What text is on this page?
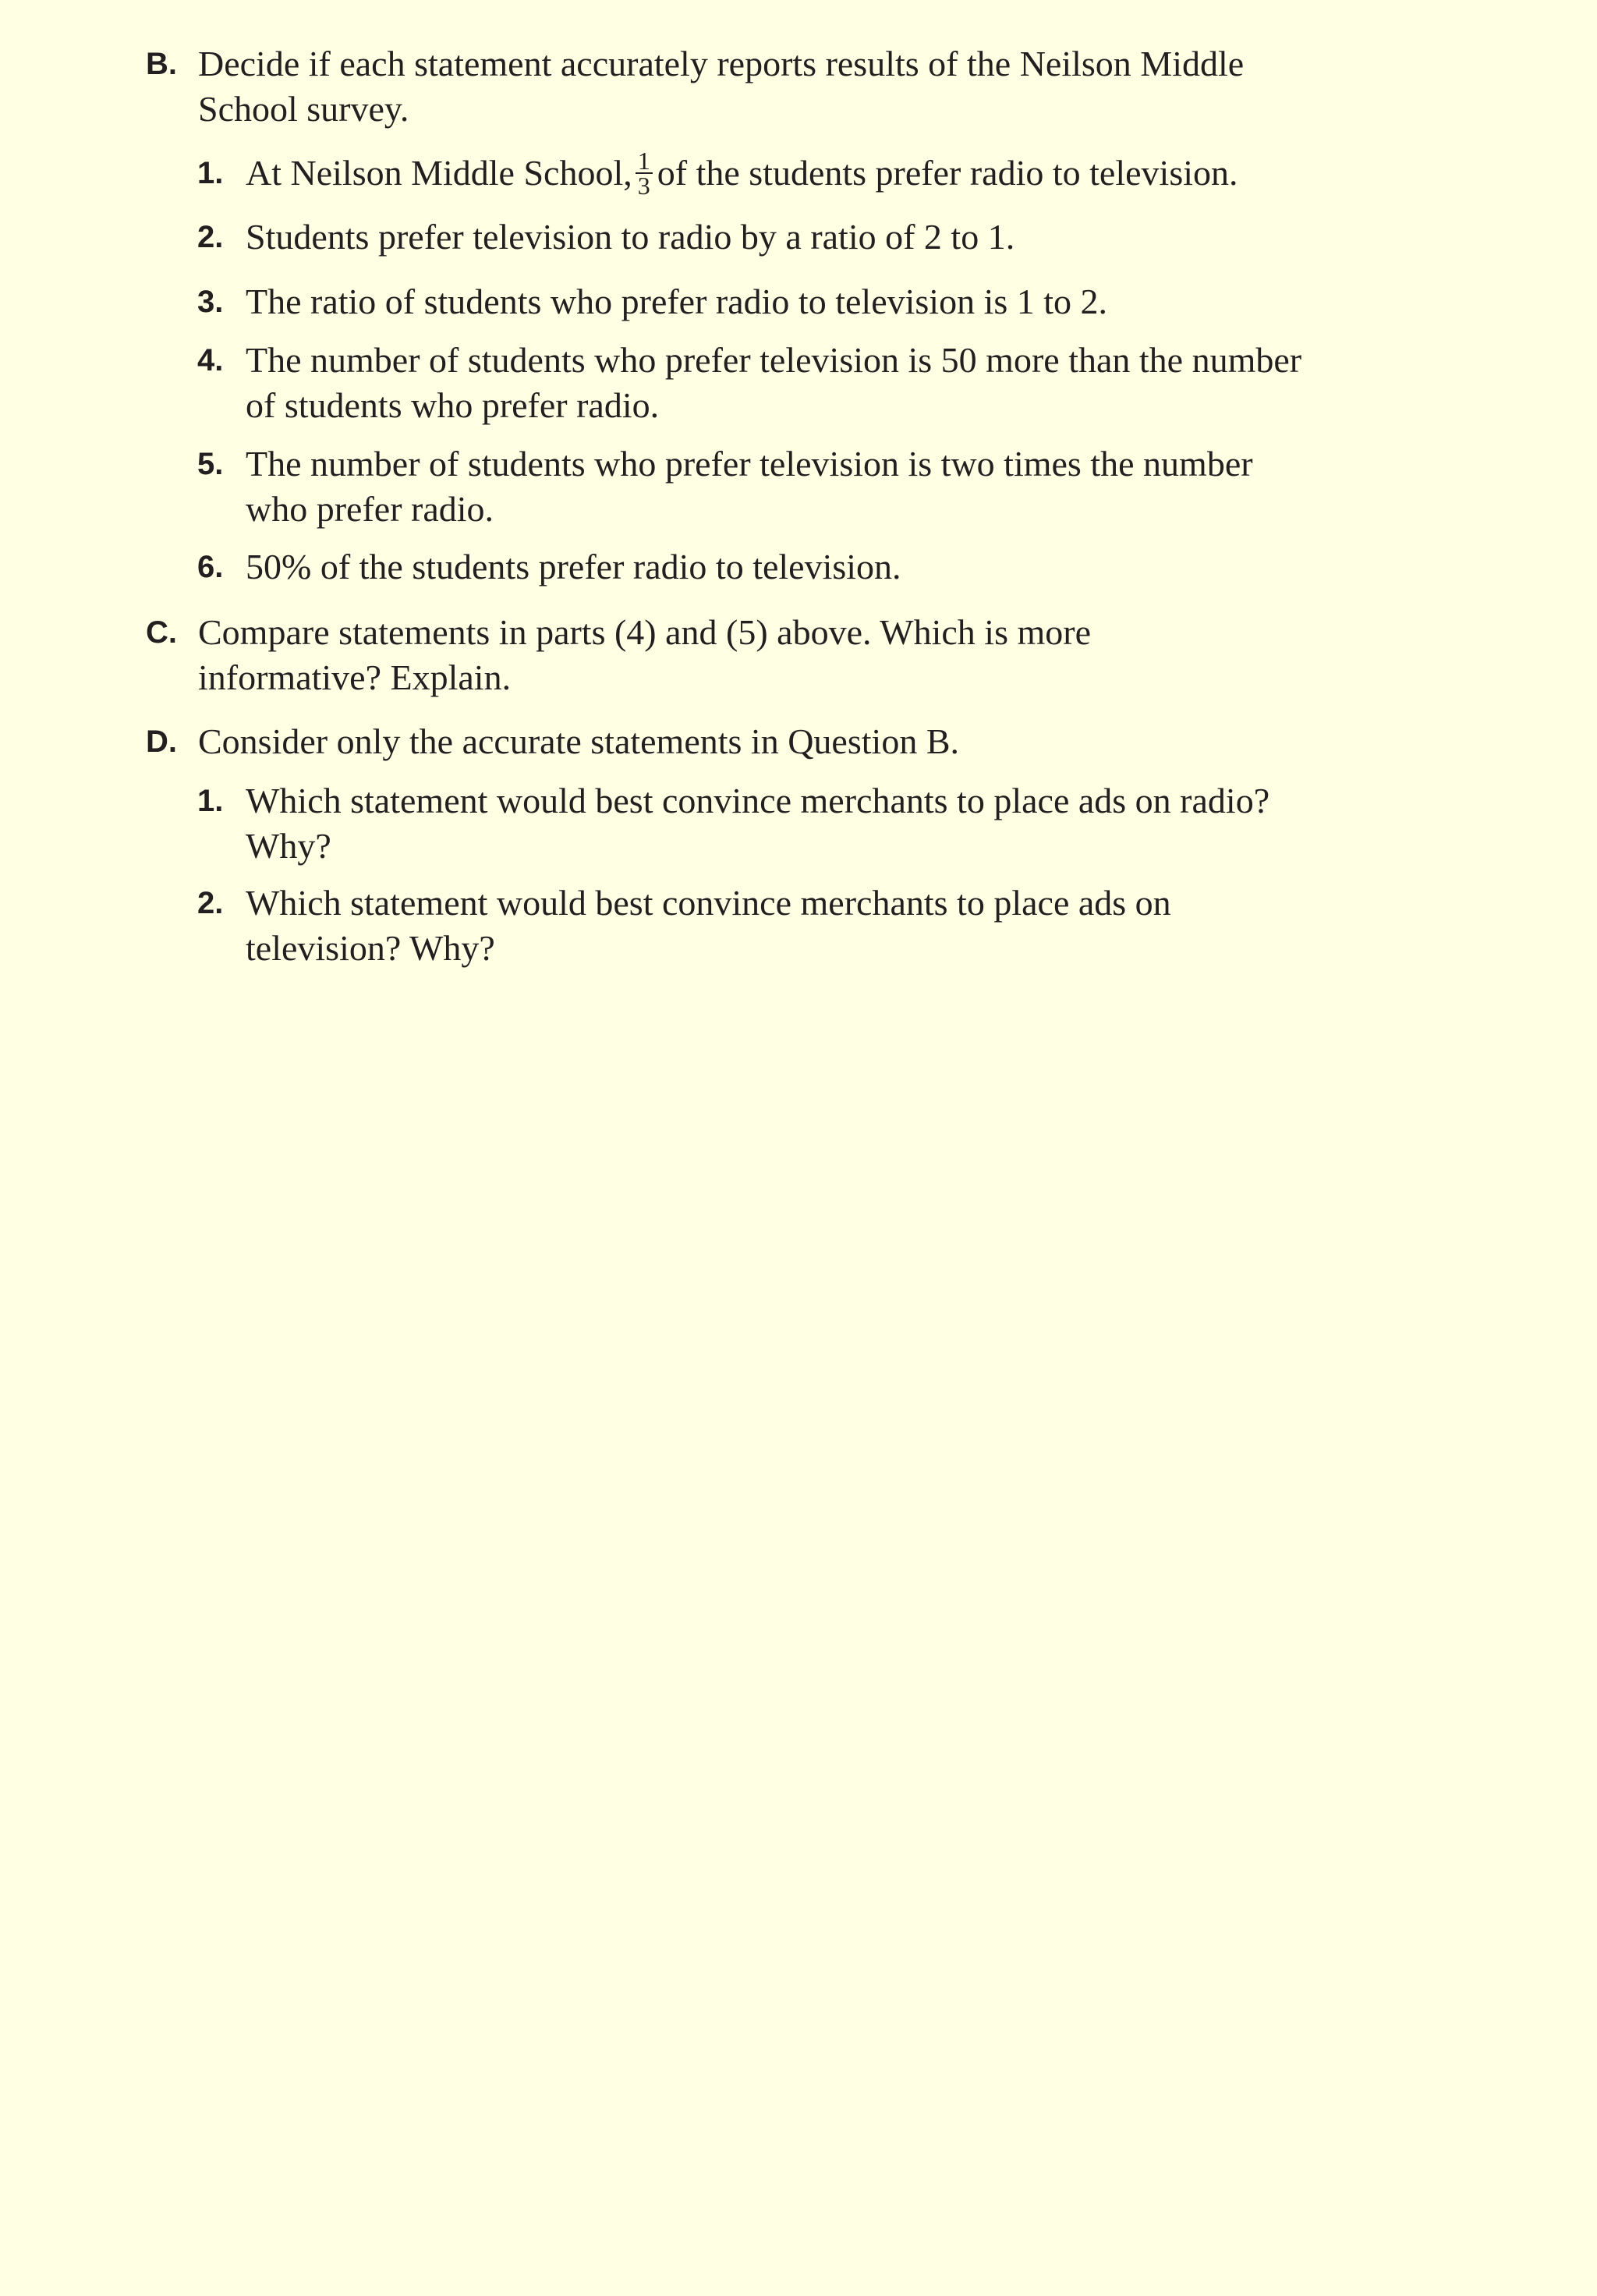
B. Decide if each statement accurately reports results of the Neilson Middle School survey.
1. At Neilson Middle School, $\frac{1}{3}$ of the students prefer radio to television.
2. Students prefer television to radio by a ratio of 2 to 1.
3. The ratio of students who prefer radio to television is 1 to 2.
4. The number of students who prefer television is 50 more than the number of students who prefer radio.
5. The number of students who prefer television is two times the number who prefer radio.
6. 50% of the students prefer radio to television.
C. Compare statements in parts (4) and (5) above. Which is more informative? Explain.
D. Consider only the accurate statements in Question B.
1. Which statement would best convince merchants to place ads on radio? Why?
2. Which statement would best convince merchants to place ads on television? Why?
